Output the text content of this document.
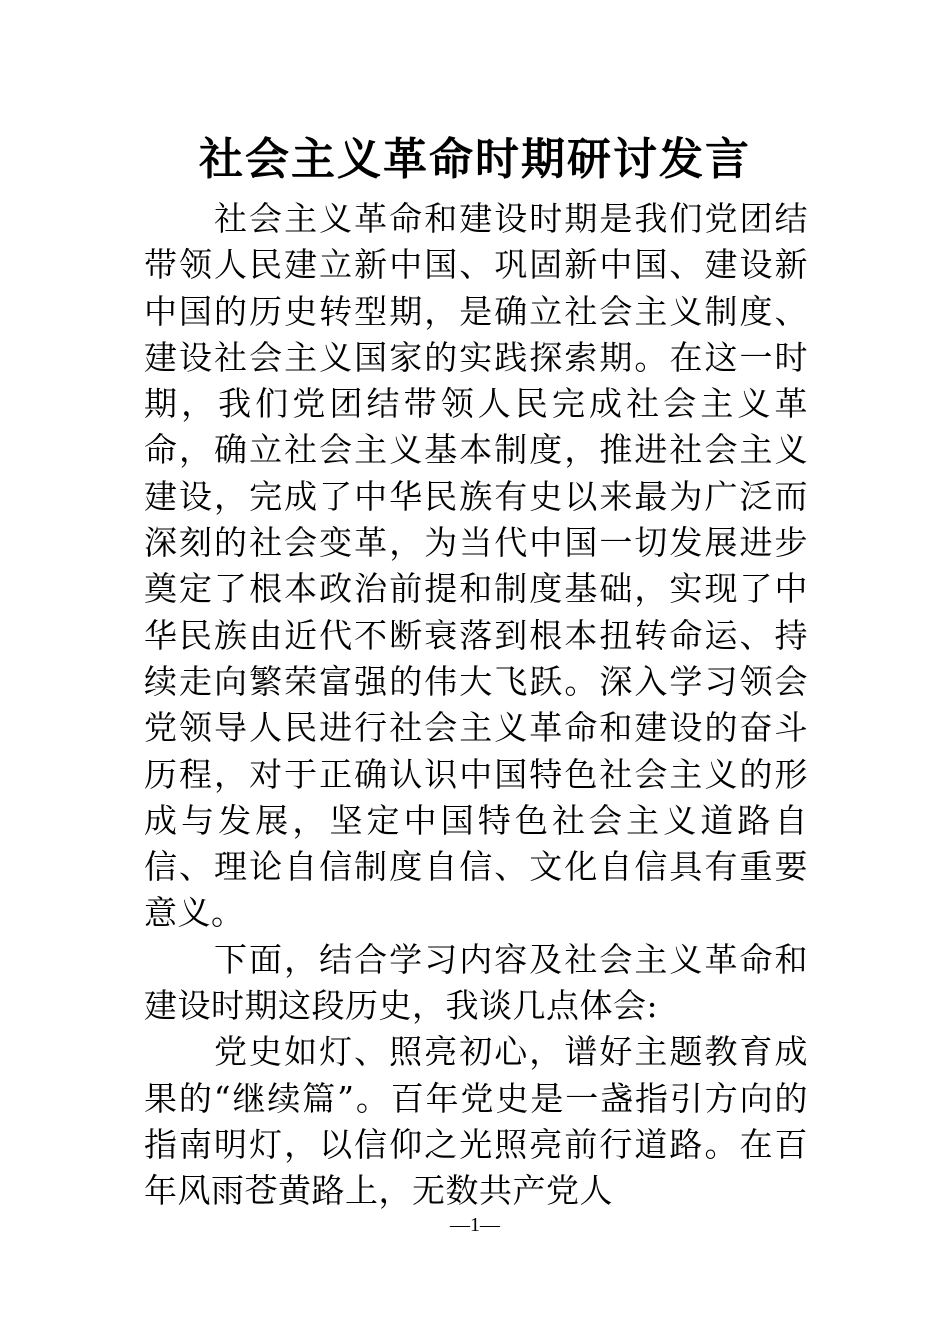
社会主义革命时期研讨发言

社会主义革命和建设时期是我们党团结带领人民建立新中国、巩固新中国、建设新中国的历史转型期，是确立社会主义制度、建设社会主义国家的实践探索期。在这一时期，我们党团结带领人民完成社会主义革命，确立社会主义基本制度，推进社会主义建设，完成了中华民族有史以来最为广泛而深刻的社会变革，为当代中国一切发展进步奠定了根本政治前提和制度基础，实现了中华民族由近代不断衰落到根本扭转命运、持续走向繁荣富强的伟大飞跃。深入学习领会党领导人民进行社会主义革命和建设的奋斗历程，对于正确认识中国特色社会主义的形成与发展，坚定中国特色社会主义道路自信、理论自信制度自信、文化自信具有重要意义。

下面，结合学习内容及社会主义革命和建设时期这段历史，我谈几点体会:

党史如灯、照亮初心，谱好主题教育成果的“继续篇”。百年党史是一盏指引方向的指南明灯，以信仰之光照亮前行道路。在百年风雨苍黄路上，无数共产党人

—1—
